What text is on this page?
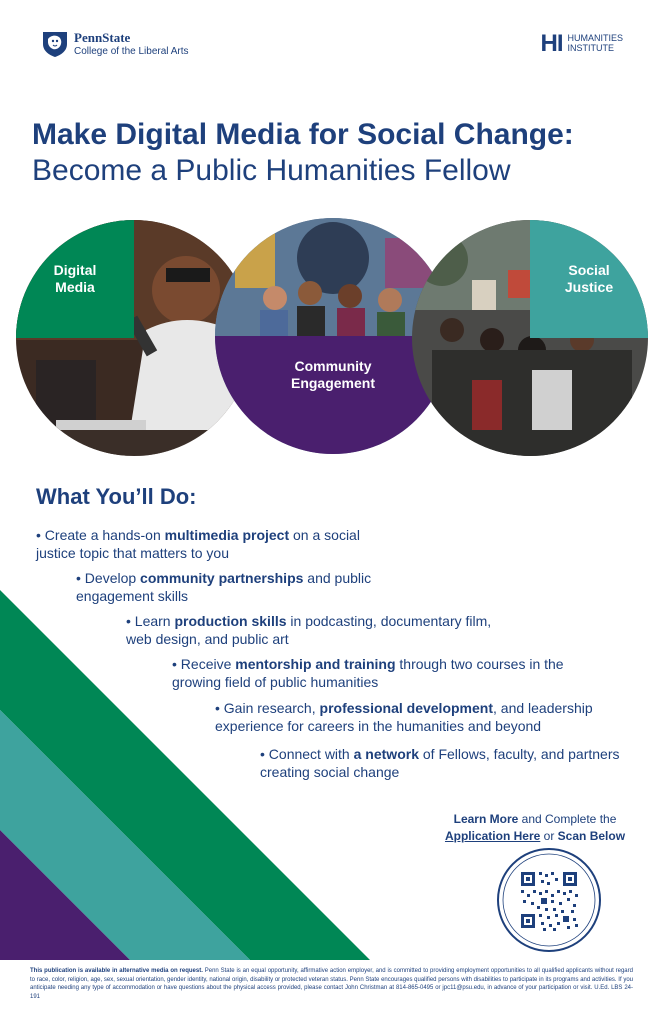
PennState
College of the Liberal Arts	HI HUMANITIES
INSTITUTE
Make Digital Media for Social Change:
Become a Public Humanities Fellow
Digital
Media
Community
Engagement
Social
Justice
What You’ll Do:
• Create a hands-on multimedia project on a social justice topic that matters to you
• Develop community partnerships and public engagement skills
• Learn production skills in podcasting, documentary film, web design, and public art
• Receive mentorship and training through two courses in the growing field of public humanities
• Gain research, professional development, and leadership experience for careers in the humanities and beyond
• Connect with a network of Fellows, faculty, and partners creating social change
Learn More and Complete the
Application Here or Scan Below
This publication is available in alternative media on request. Penn State is an equal opportunity, affirmative action employer, and is committed to providing employment opportunities to all qualified applicants without regard to race, color, religion, age, sex, sexual orientation, gender identity, national origin, disability or protected veteran status. Penn State encourages qualified persons with disabilities to participate in its programs and activities. If you anticipate needing any type of accommodation or have questions about the physical access provided, please contact John Christman at 814-865-0495 or jpc11@psu.edu, in advance of your participation or visit. U.Ed. LBS 24-191
